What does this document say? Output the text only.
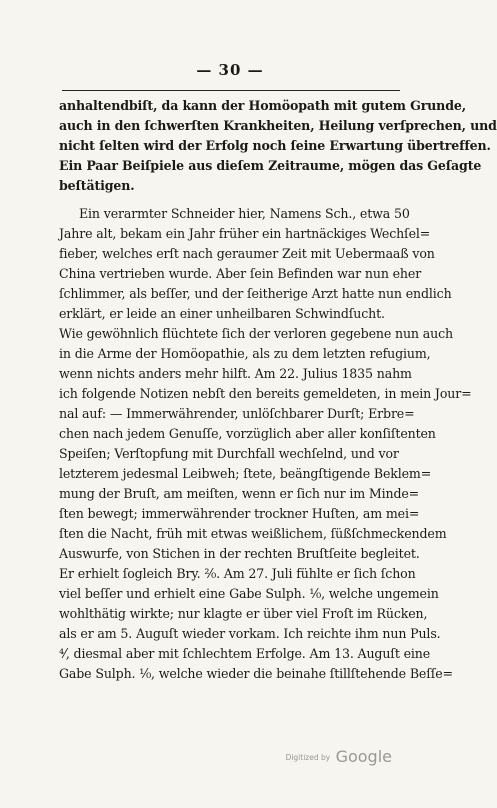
— 30 —
anhaltendbiſt, da kann der Homöopath mit gutem Grunde,
auch in den ſchwerſten Krankheiten, Heilung verſprechen, und
nicht ſelten wird der Erfolg noch ſeine Erwartung übertreffen.
Ein Paar Beiſpiele aus dieſem Zeitraume, mögen das Geſagte
beſtätigen.
Ein verarmter Schneider hier, Namens Sch., etwa 50
Jahre alt, bekam ein Jahr früher ein hartnäckiges Wechſel=
fieber, welches erſt nach geraumer Zeit mit Uebermaaß von
China vertrieben wurde. Aber ſein Befinden war nun eher
ſchlimmer, als beſſer, und der ſeitherige Arzt hatte nun endlich
erklärt, er leide an einer unheilbaren Schwindſucht.
Wie gewöhnlich flüchtete ſich der verloren gegebene nun auch
in die Arme der Homöopathie, als zu dem letzten refugium,
wenn nichts anders mehr hilft. Am 22. Julius 1835 nahm
ich folgende Notizen nebſt den bereits gemeldeten, in mein Jour=
nal auf: — Immerwährender, unlöſchbarer Durſt; Erbre=
chen nach jedem Genuſſe, vorzüglich aber aller konſiſtenten
Speiſen; Verſtopfung mit Durchfall wechſelnd, und vor
letzterem jedesmal Leibweh; ſtete, beängſtigende Beklem=
mung der Bruſt, am meiſten, wenn er ſich nur im Minde=
ſten bewegt; immerwährender trockner Huſten, am mei=
ſten die Nacht, früh mit etwas weißlichem, ſüßſchmeckendem
Auswurfe, von Stichen in der rechten Bruſtſeite begleitet.
Er erhielt ſogleich Bry. ²⁄₀. Am 27. Juli fühlte er ſich ſchon
viel beſſer und erhielt eine Gabe Sulph. ¹⁄₀, welche ungemein
wohlthätig wirkte; nur klagte er über viel Froſt im Rücken,
als er am 5. Auguſt wieder vorkam. Ich reichte ihm nun Puls.
⁴⁄, diesmal aber mit ſchlechtem Erfolge. Am 13. Auguſt eine
Gabe Sulph. ¹⁄₀, welche wieder die beinahe ſtillſtehende Beſſe=
Digitized by Google
